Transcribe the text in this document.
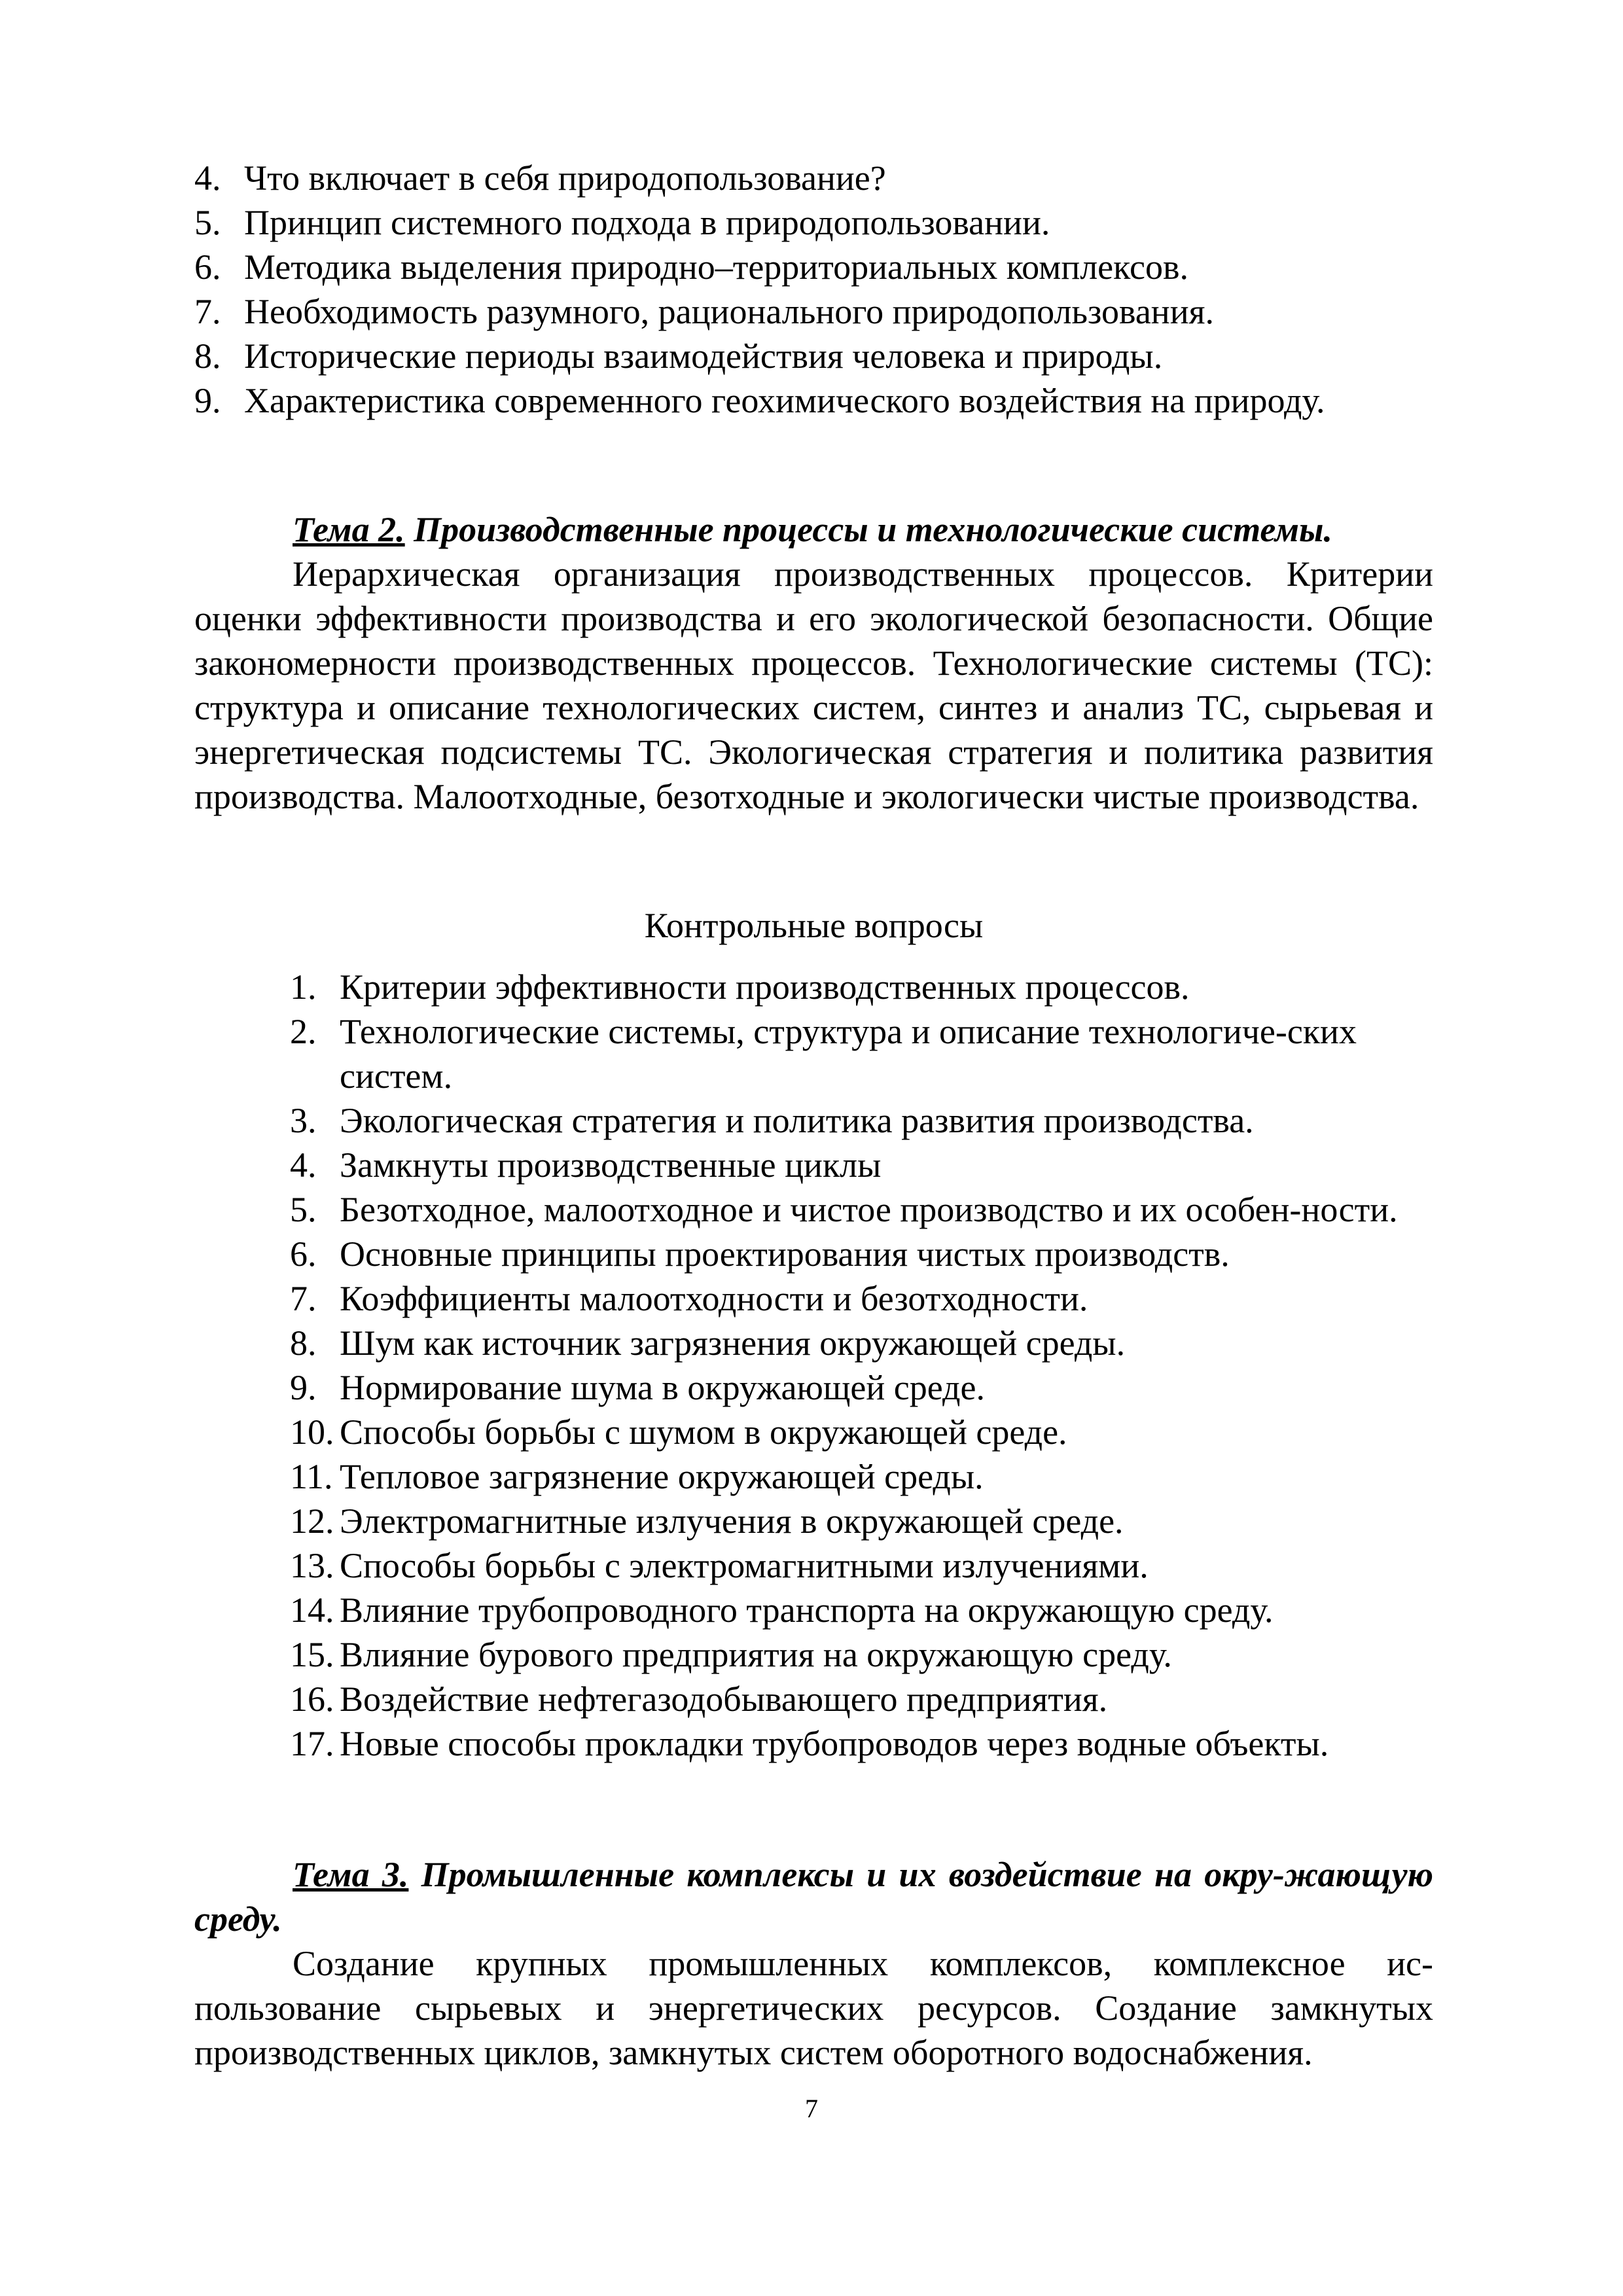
4. Что включает в себя природопользование?
5. Принцип системного подхода в природопользовании.
6. Методика выделения природно–территориальных комплексов.
7. Необходимость разумного, рационального природопользования.
8. Исторические периоды взаимодействия человека и природы.
9. Характеристика современного геохимического воздействия на природу.

Тема 2. Производственные процессы и технологические системы.

Иерархическая организация производственных процессов. Критерии оценки эффективности производства и его экологической безопасности. Общие закономерности производственных процессов. Технологические системы (ТС): структура и описание технологических систем, синтез и анализ ТС, сырьевая и энергетическая подсистемы ТС. Экологическая стратегия и политика развития производства. Малоотходные, безотходные и экологически чистые производства.

Контрольные вопросы
1. Критерии эффективности производственных процессов.
2. Технологические системы, структура и описание технологиче-ских систем.
3. Экологическая стратегия и политика развития производства.
4. Замкнуты производственные циклы
5. Безотходное, малоотходное и чистое производство и их особен-ности.
6. Основные принципы проектирования чистых производств.
7. Коэффициенты малоотходности и безотходности.
8. Шум как источник загрязнения окружающей среды.
9. Нормирование шума в окружающей среде.
10. Способы борьбы с шумом в окружающей среде.
11. Тепловое загрязнение окружающей среды.
12. Электромагнитные излучения в окружающей среде.
13. Способы борьбы с электромагнитными излучениями.
14. Влияние трубопроводного транспорта на окружающую среду.
15. Влияние бурового предприятия на окружающую среду.
16. Воздействие нефтегазодобывающего предприятия.
17. Новые способы прокладки трубопроводов через водные объекты.

Тема 3. Промышленные комплексы и их воздействие на окру-жающую среду.

Создание крупных промышленных комплексов, комплексное ис-пользование сырьевых и энергетических ресурсов. Создание замкнутых производственных циклов, замкнутых систем оборотного водоснабжения.

7
